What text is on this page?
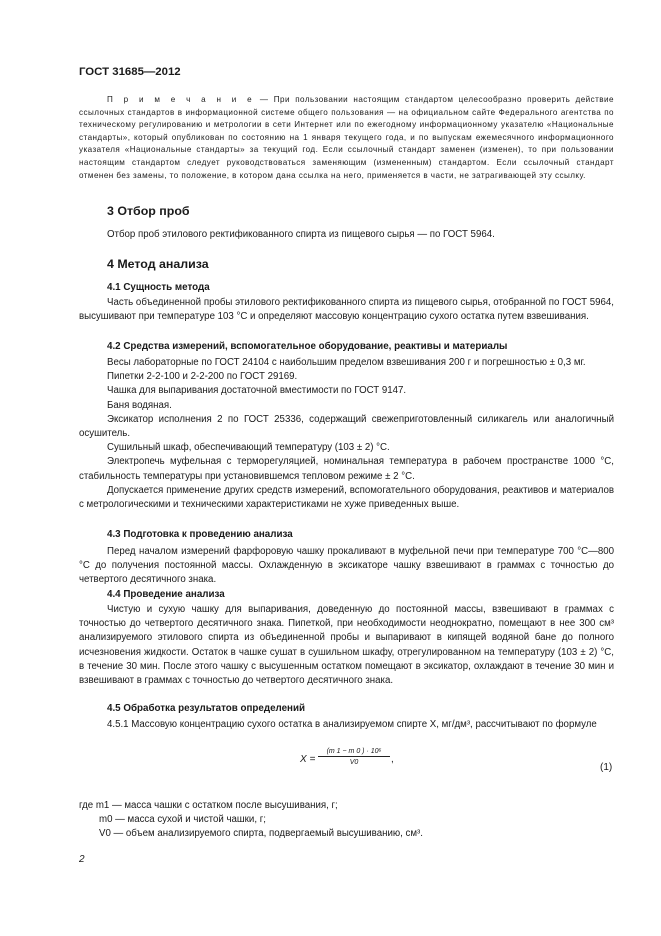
ГОСТ 31685—2012

П р и м е ч а н и е — При пользовании настоящим стандартом целесообразно проверить действие ссылочных стандартов в информационной системе общего пользования — на официальном сайте Федерального агентства по техническому регулированию и метрологии в сети Интернет или по ежегодному информационному указателю «Национальные стандарты», который опубликован по состоянию на 1 января текущего года, и по выпускам ежемесячного информационного указателя «Национальные стандарты» за текущий год. Если ссылочный стандарт заменен (изменен), то при пользовании настоящим стандартом следует руководствоваться заменяющим (измененным) стандартом. Если ссылочный стандарт отменен без замены, то положение, в котором дана ссылка на него, применяется в части, не затрагивающей эту ссылку.

3 Отбор проб

Отбор проб этилового ректификованного спирта из пищевого сырья — по ГОСТ 5964.

4 Метод анализа
4.1 Сущность метода

Часть объединенной пробы этилового ректификованного спирта из пищевого сырья, отобранной по ГОСТ 5964, высушивают при температуре 103 °С и определяют массовую концентрацию сухого остатка путем взвешивания.

4.2 Средства измерений, вспомогательное оборудование, реактивы и материалы

Весы лабораторные по ГОСТ 24104 с наибольшим пределом взвешивания 200 г и погрешностью ± 0,3 мг.

Пипетки 2-2-100 и 2-2-200 по ГОСТ 29169.

Чашка для выпаривания достаточной вместимости по ГОСТ 9147.

Баня водяная.

Эксикатор исполнения 2 по ГОСТ 25336, содержащий свежеприготовленный силикагель или аналогичный осушитель.

Сушильный шкаф, обеспечивающий температуру (103 ± 2) °С.

Электропечь муфельная с терморегуляцией, номинальная температура в рабочем пространстве 1000 °С, стабильность температуры при установившемся тепловом режиме ± 2 °С.

Допускается применение других средств измерений, вспомогательного оборудования, реактивов и материалов с метрологическими и техническими характеристиками не хуже приведенных выше.

4.3 Подготовка к проведению анализа

Перед началом измерений фарфоровую чашку прокаливают в муфельной печи при температуре 700 °С—800 °С до получения постоянной массы. Охлажденную в эксикаторе чашку взвешивают в граммах с точностью до четвертого десятичного знака.

4.4 Проведение анализа

Чистую и сухую чашку для выпаривания, доведенную до постоянной массы, взвешивают в граммах с точностью до четвертого десятичного знака. Пипеткой, при необходимости неоднократно, помещают в нее 300 см³ анализируемого этилового спирта из объединенной пробы и выпаривают в кипящей водяной бане до полного исчезновения жидкости. Остаток в чашке сушат в сушильном шкафу, отрегулированном на температуру (103 ± 2) °С, в течение 30 мин. После этого чашку с высушенным остатком помещают в эксикатор, охлаждают в течение 30 мин и взвешивают в граммах с точностью до четвертого десятичного знака.

4.5 Обработка результатов определений

4.5.1 Массовую концентрацию сухого остатка в анализируемом спирте X, мг/дм³, рассчитывают по формуле

$X = \frac{\text{(m 1 − m 0 ) · 10⁶}}{V0}$ ,
(1)

где m1 — масса чашки с остатком после высушивания, г;

m0 — масса сухой и чистой чашки, г;

V0 — объем анализируемого спирта, подвергаемый высушиванию, см³.

2
